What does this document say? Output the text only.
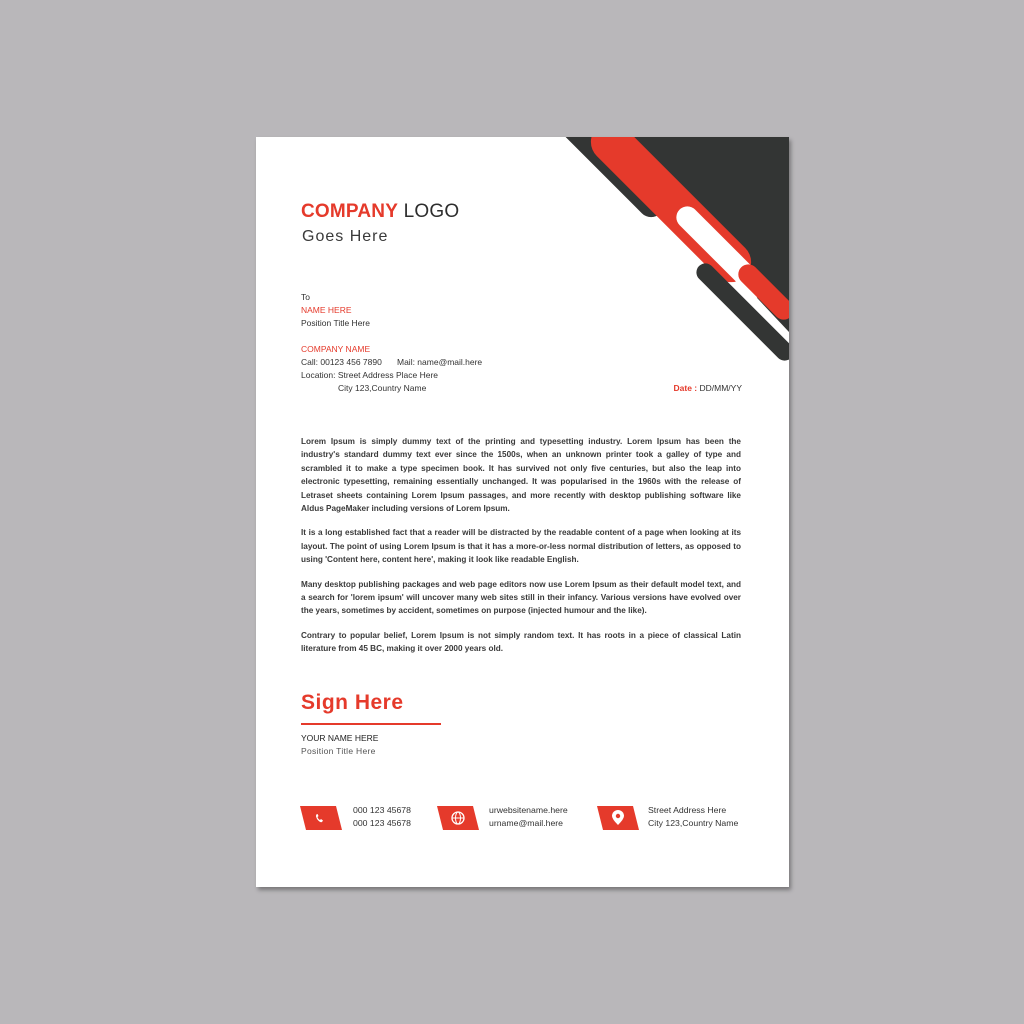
COMPANY LOGO
Goes Here
To
NAME HERE
Position Title Here
COMPANY NAME
Call: 00123 456 7890 Mail: name@mail.here
Location: Street Address Place Here
City 123,Country Name	Date : DD/MM/YY

Lorem Ipsum is simply dummy text of the printing and typesetting industry. Lorem Ipsum has been the industry's standard dummy text ever since the 1500s, when an unknown printer took a galley of type and scrambled it to make a type specimen book. It has survived not only five centuries, but also the leap into electronic typesetting, remaining essentially unchanged. It was popularised in the 1960s with the release of Letraset sheets containing Lorem Ipsum passages, and more recently with desktop publishing software like Aldus PageMaker including versions of Lorem Ipsum.

It is a long established fact that a reader will be distracted by the readable content of a page when looking at its layout. The point of using Lorem Ipsum is that it has a more-or-less normal distribution of letters, as opposed to using 'Content here, content here', making it look like readable English.

Many desktop publishing packages and web page editors now use Lorem Ipsum as their default model text, and a search for 'lorem ipsum' will uncover many web sites still in their infancy. Various versions have evolved over the years, sometimes by accident, sometimes on purpose (injected humour and the like).

Contrary to popular belief, Lorem Ipsum is not simply random text. It has roots in a piece of classical Latin literature from 45 BC, making it over 2000 years old.

Sign Here
YOUR NAME HERE
Position Title Here
000 123 45678
000 123 45678
urwebsitename.here
urname@mail.here
Street Address Here
City 123,Country Name
